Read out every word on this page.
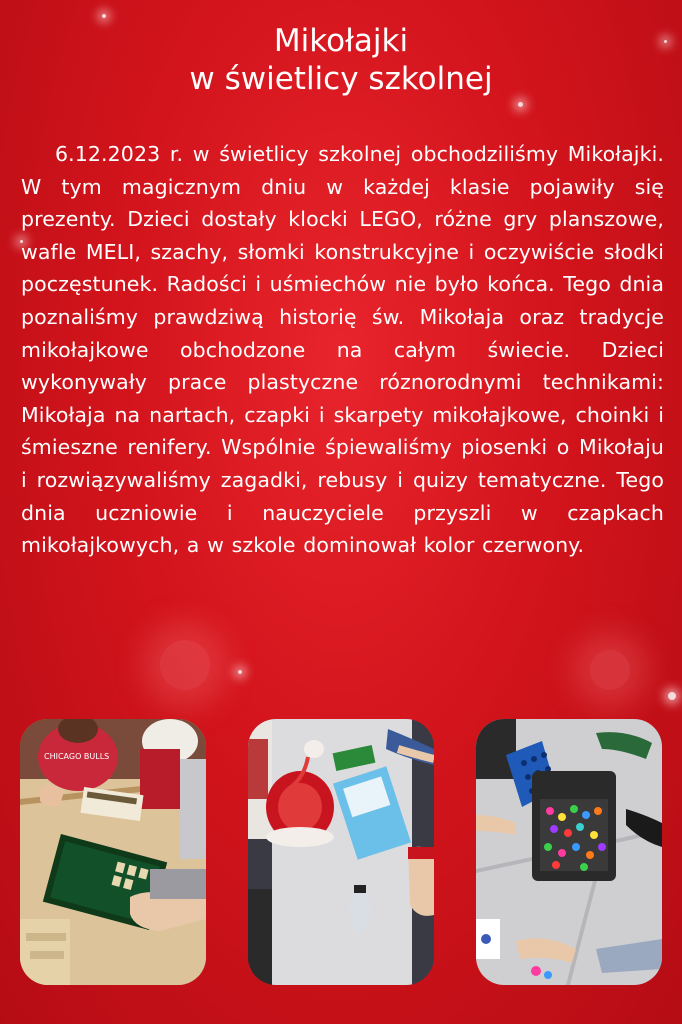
Mikołajki
w świetlicy szkolnej
6.12.2023 r. w świetlicy szkolnej obchodziliśmy Mikołajki. W tym magicznym dniu w każdej klasie pojawiły się prezenty. Dzieci dostały klocki LEGO, różne gry planszowe, wafle MELI, szachy, słomki konstrukcyjne i oczywiście słodki poczęstunek. Radości i uśmiechów nie było końca. Tego dnia poznaliśmy prawdziwą historię św. Mikołaja oraz tradycje mikołajkowe obchodzone na całym świecie. Dzieci wykonywały prace plastyczne róznorodnymi technikami: Mikołaja na nartach, czapki i skarpety mikołajkowe, choinki i śmieszne renifery. Wspólnie śpiewaliśmy piosenki o Mikołaju i rozwiązywaliśmy zagadki, rebusy i quizy tematyczne. Tego dnia uczniowie i nauczyciele przyszli w czapkach mikołajkowych, a w szkole dominował kolor czerwony.
CHICAGO BULLS
